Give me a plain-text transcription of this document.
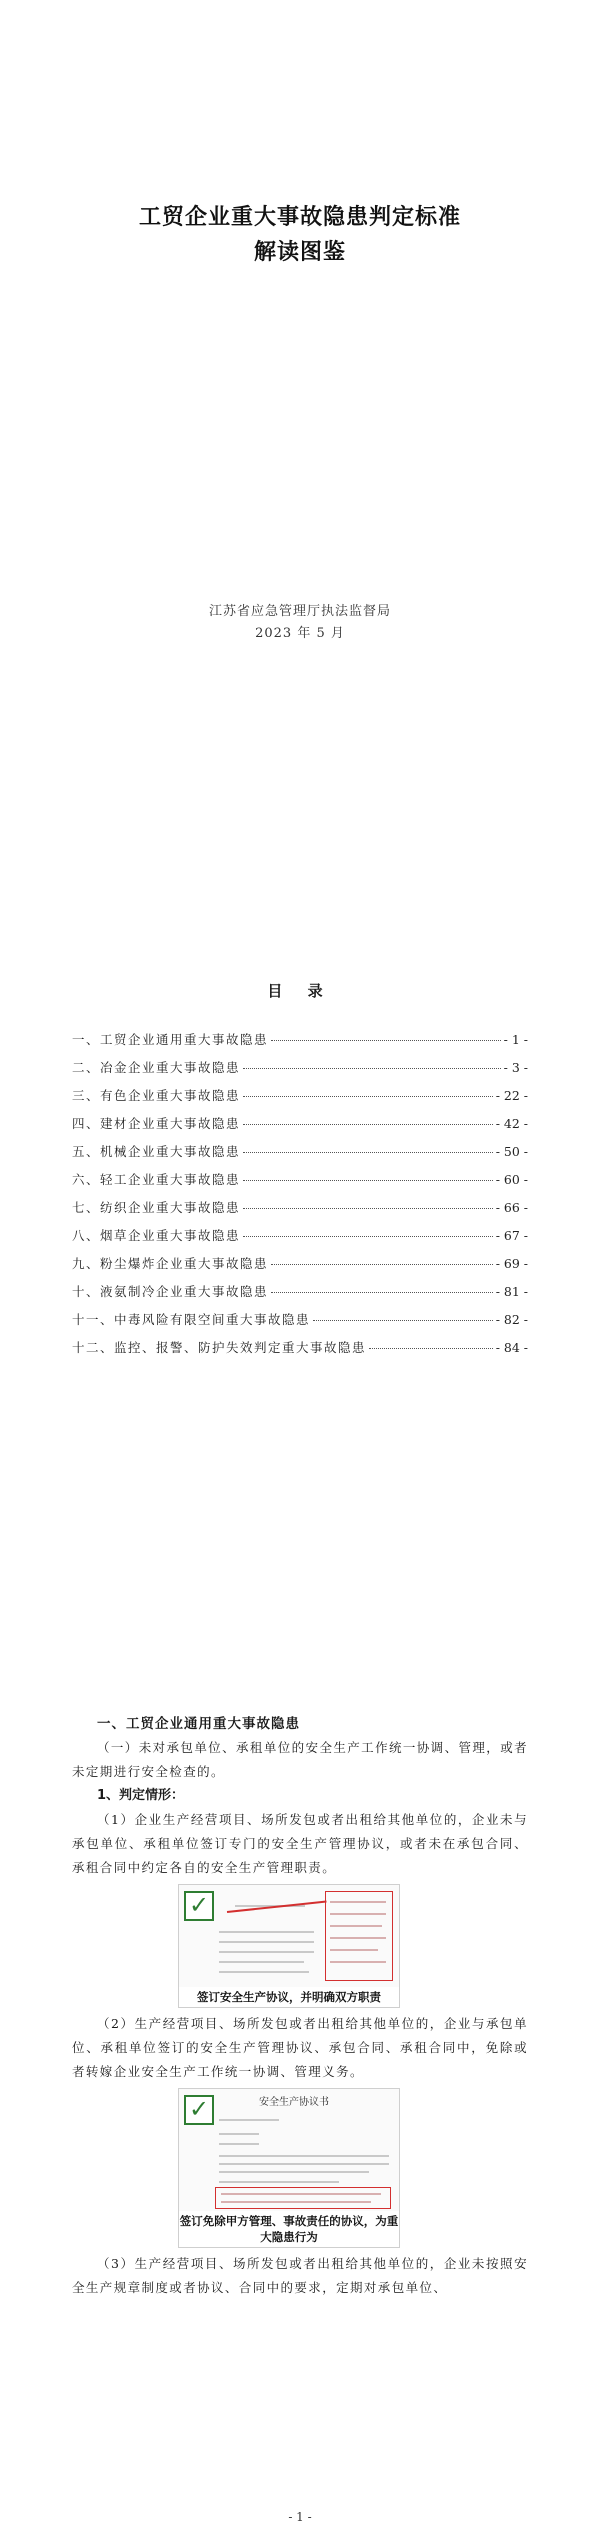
工贸企业重大事故隐患判定标准
解读图鉴
江苏省应急管理厅执法监督局
2023 年 5 月
目 录
一、工贸企业通用重大事故隐患	- 1 -
二、冶金企业重大事故隐患	- 3 -
三、有色企业重大事故隐患	- 22 -
四、建材企业重大事故隐患	- 42 -
五、机械企业重大事故隐患	- 50 -
六、轻工企业重大事故隐患	- 60 -
七、纺织企业重大事故隐患	- 66 -
八、烟草企业重大事故隐患	- 67 -
九、粉尘爆炸企业重大事故隐患	- 69 -
十、液氨制冷企业重大事故隐患	- 81 -
十一、中毒风险有限空间重大事故隐患	- 82 -
十二、监控、报警、防护失效判定重大事故隐患	- 84 -
一、工贸企业通用重大事故隐患
（一）未对承包单位、承租单位的安全生产工作统一协调、管理，或者未定期进行安全检查的。
1、判定情形：
（1）企业生产经营项目、场所发包或者出租给其他单位的，企业未与承包单位、承租单位签订专门的安全生产管理协议，或者未在承包合同、承租合同中约定各自的安全生产管理职责。
✓
签订安全生产协议，并明确双方职责
（2）生产经营项目、场所发包或者出租给其他单位的，企业与承包单位、承租单位签订的安全生产管理协议、承包合同、承租合同中，免除或者转嫁企业安全生产工作统一协调、管理义务。
✓	安全生产协议书
签订免除甲方管理、事故责任的协议，为重
大隐患行为
（3）生产经营项目、场所发包或者出租给其他单位的，企业未按照安全生产规章制度或者协议、合同中的要求，定期对承包单位、
- 1 -
